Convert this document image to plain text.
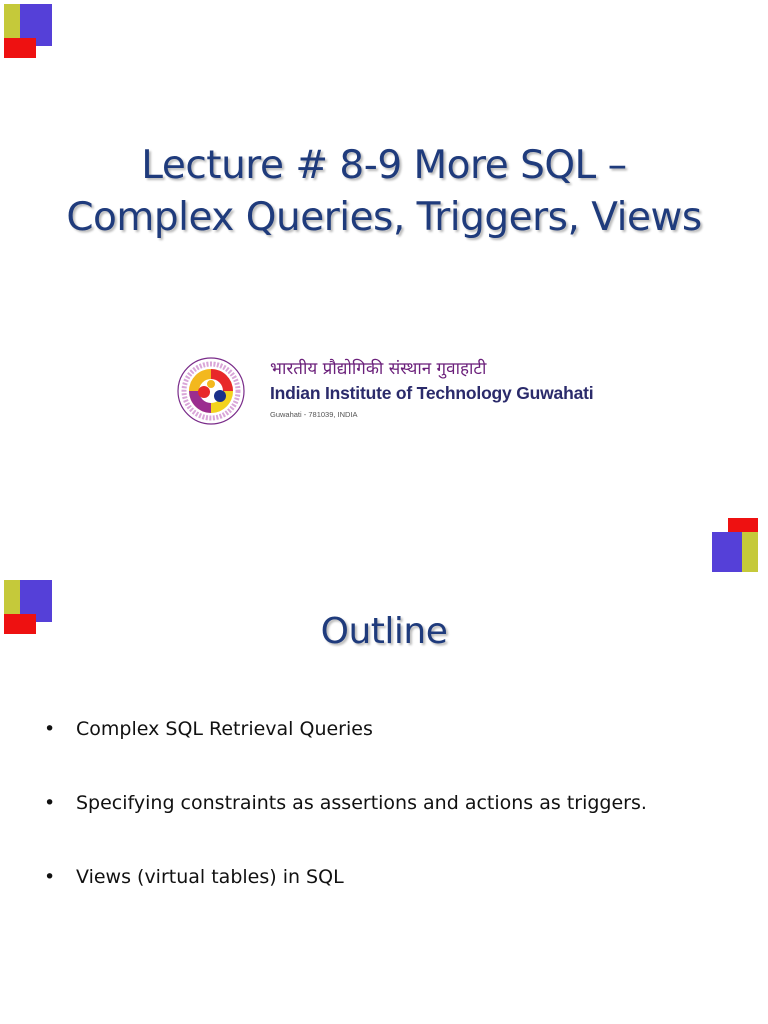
Lecture # 8-9 More SQL –
Complex Queries, Triggers, Views
भारतीय प्रौद्योगिकी संस्थान गुवाहाटी
Indian Institute of Technology Guwahati
Guwahati - 781039, INDIA
Outline
• Complex SQL Retrieval Queries
• Specifying constraints as assertions and actions as triggers.
• Views (virtual tables) in SQL
